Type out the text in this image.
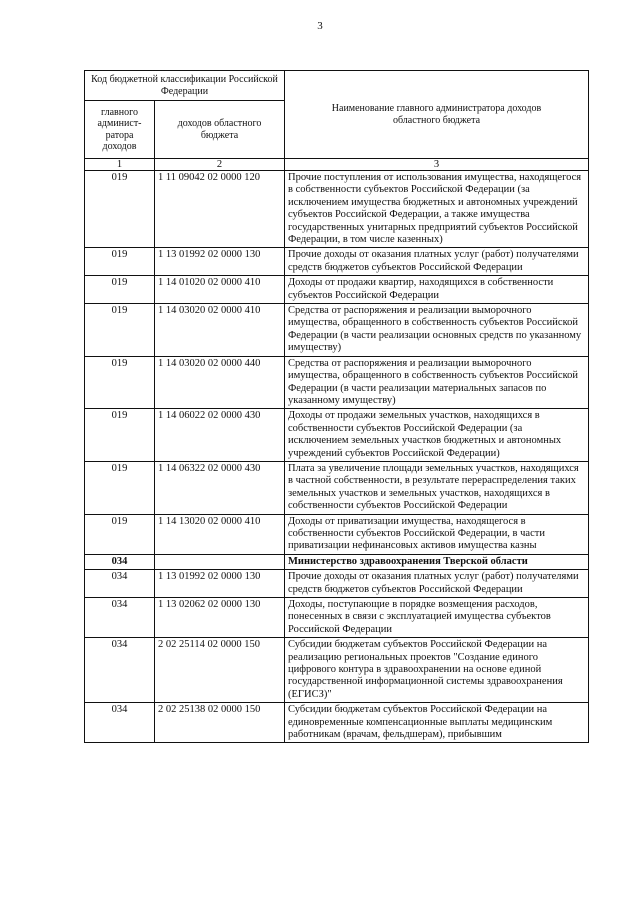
3
Код бюджетной классификации Российской Федерации		Наименование главного администратора доходов областного бюджета
главного админист-ратора доходов	доходов областного бюджета	
1	2	3
019	1 11 09042 02 0000 120	Прочие поступления от использования имущества, находящегося в собственности субъектов Российской Федерации (за исключением имущества бюджетных и автономных учреждений субъектов Российской Федерации, а также имущества государственных унитарных предприятий субъектов Российской Федерации, в том числе казенных)
019	1 13 01992 02 0000 130	Прочие доходы от оказания платных услуг (работ) получателями средств бюджетов субъектов Российской Федерации
019	1 14 01020 02 0000 410	Доходы от продажи квартир, находящихся в собственности субъектов Российской Федерации
019	1 14 03020 02 0000 410	Средства от распоряжения и реализации выморочного имущества, обращенного в собственность субъектов Российской Федерации (в части реализации основных средств по указанному имуществу)
019	1 14 03020 02 0000 440	Средства от распоряжения и реализации выморочного имущества, обращенного в собственность субъектов Российской Федерации (в части реализации материальных запасов по указанному имуществу)
019	1 14 06022 02 0000 430	Доходы от продажи земельных участков, находящихся в собственности субъектов Российской Федерации (за исключением земельных участков бюджетных и автономных учреждений субъектов Российской Федерации)
019	1 14 06322 02 0000 430	Плата за увеличение площади земельных участков, находящихся в частной собственности, в результате перераспределения таких земельных участков и земельных участков, находящихся в собственности субъектов Российской Федерации
019	1 14 13020 02 0000 410	Доходы от приватизации имущества, находящегося в собственности субъектов Российской Федерации, в части приватизации нефинансовых активов имущества казны
034		Министерство здравоохранения Тверской области
034	1 13 01992 02 0000 130	Прочие доходы от оказания платных услуг (работ) получателями средств бюджетов субъектов Российской Федерации
034	1 13 02062 02 0000 130	Доходы, поступающие в порядке возмещения расходов, понесенных в связи с эксплуатацией имущества субъектов Российской Федерации
034	2 02 25114 02 0000 150	Субсидии бюджетам субъектов Российской Федерации на реализацию региональных проектов "Создание единого цифрового контура в здравоохранении на основе единой государственной информационной системы здравоохранения (ЕГИСЗ)"
034	2 02 25138 02 0000 150	Субсидии бюджетам субъектов Российской Федерации на единовременные компенсационные выплаты медицинским работникам (врачам, фельдшерам), прибывшим
